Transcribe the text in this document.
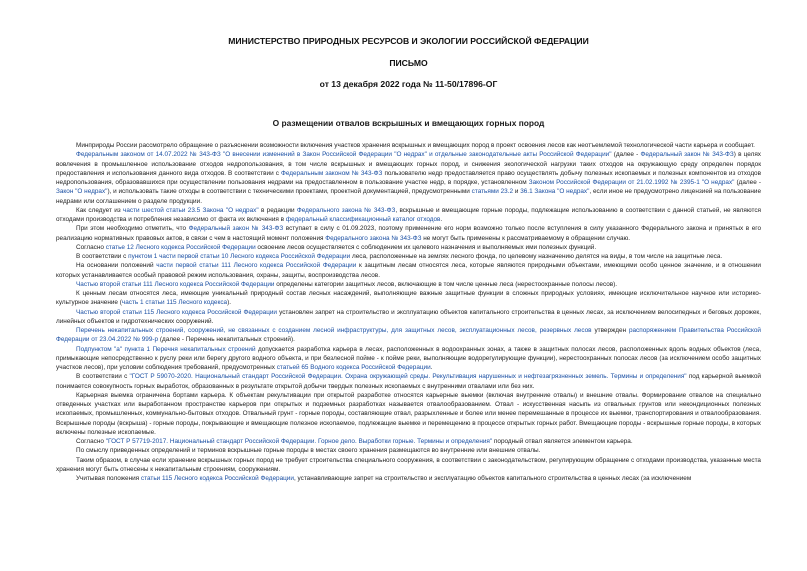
МИНИСТЕРСТВО ПРИРОДНЫХ РЕСУРСОВ И ЭКОЛОГИИ РОССИЙСКОЙ ФЕДЕРАЦИИ
ПИСЬМО
от 13 декабря 2022 года № 11-50/17896-ОГ
О размещении отвалов вскрышных и вмещающих горных пород

Минприроды России рассмотрело обращение о разъяснении возможности включения участков хранения вскрышных и вмещающих пород в проект освоения лесов как неотъемлемой технологической части карьера и сообщает.

Федеральным законом от 14.07.2022 № 343-ФЗ "О внесении изменений в Закон Российской Федерации "О недрах" и отдельные законодательные акты Российской Федерации" (далее - Федеральный закон № 343-ФЗ) в целях вовлечения в промышленное использование отходов недропользования, в том числе вскрышных и вмещающих горных пород, и снижения экологической нагрузки таких отходов на окружающую среду определен порядок предоставления и использования данного вида отходов. В соответствии с Федеральным законом № 343-ФЗ пользователю недр предоставляется право осуществлять добычу полезных ископаемых и полезных компонентов из отходов недропользования, образовавшихся при осуществлении пользования недрами на предоставленном в пользование участке недр, в порядке, установленном Законом Российской Федерации от 21.02.1992 № 2395-1 "О недрах" (далее - Закон "О недрах"), и использовать такие отходы в соответствии с техническими проектами, проектной документацией, предусмотренными статьями 23.2 и 36.1 Закона "О недрах", если иное не предусмотрено лицензией на пользование недрами или соглашением о разделе продукции.

Как следует из части шестой статьи 23.5 Закона "О недрах" в редакции Федерального закона № 343-ФЗ, вскрышные и вмещающие горные породы, подлежащие использованию в соответствии с данной статьей, не являются отходами производства и потребления независимо от факта их включения в федеральный классификационный каталог отходов.

При этом необходимо отметить, что Федеральный закон № 343-ФЗ вступает в силу с 01.09.2023, поэтому применение его норм возможно только после вступления в силу указанного Федерального закона и принятых в его реализацию нормативных правовых актов, в связи с чем в настоящий момент положения Федерального закона № 343-ФЗ не могут быть применены к рассматриваемому в обращении случаю.

Согласно статье 12 Лесного кодекса Российской Федерации освоение лесов осуществляется с соблюдением их целевого назначения и выполняемых ими полезных функций.

В соответствии с пунктом 1 части первой статьи 10 Лесного кодекса Российской Федерации леса, расположенные на землях лесного фонда, по целевому назначению делятся на виды, в том числе на защитные леса.

На основании положений части первой статьи 111 Лесного кодекса Российской Федерации к защитным лесам относятся леса, которые являются природными объектами, имеющими особо ценное значение, и в отношении которых устанавливается особый правовой режим использования, охраны, защиты, воспроизводства лесов.

Частью второй статьи 111 Лесного кодекса Российской Федерации определены категории защитных лесов, включающие в том числе ценные леса (нерестоохранные полосы лесов).

К ценным лесам относятся леса, имеющие уникальный природный состав лесных насаждений, выполняющие важные защитные функции в сложных природных условиях, имеющие исключительное научное или историко-культурное значение (часть 1 статьи 115 Лесного кодекса).

Частью второй статьи 115 Лесного кодекса Российской Федерации установлен запрет на строительство и эксплуатацию объектов капитального строительства в ценных лесах, за исключением велосипедных и беговых дорожек, линейных объектов и гидротехнических сооружений.

Перечень некапитальных строений, сооружений, не связанных с созданием лесной инфраструктуры, для защитных лесов, эксплуатационных лесов, резервных лесов утвержден распоряжением Правительства Российской Федерации от 23.04.2022 № 999-р (далее - Перечень некапитальных строений).

Подпунктом "а" пункта 1 Перечня некапитальных строений допускается разработка карьера в лесах, расположенных в водоохранных зонах, а также в защитных полосах лесов, расположенных вдоль водных объектов (леса, примыкающие непосредственно к руслу реки или берегу другого водного объекта, и при безлесной пойме - к пойме реки, выполняющие водорегулирующие функции), нерестоохранных полосах лесов (за исключением особо защитных участков лесов), при условии соблюдения требований, предусмотренных статьей 65 Водного кодекса Российской Федерации.

В соответствии с "ГОСТ Р 59070-2020. Национальный стандарт Российской Федерации. Охрана окружающей среды. Рекультивация нарушенных и нефтезагрязненных земель. Термины и определения" под карьерной выемкой понимается совокупность горных выработок, образованных в результате открытой добычи твердых полезных ископаемых с внутренними отвалами или без них.

Карьерная выемка ограничена бортами карьера. К объектам рекультивации при открытой разработке относятся карьерные выемки (включая внутренние отвалы) и внешние отвалы. Формирование отвалов на специально отведенных участках или выработанном пространстве карьеров при открытых и подземных разработках называется отвалообразованием. Отвал - искусственная насыпь из отвальных грунтов или некондиционных полезных ископаемых, промышленных, коммунально-бытовых отходов. Отвальный грунт - горные породы, составляющие отвал, разрыхленные и более или менее перемешанные в процессе их выемки, транспортирования и отвалообразования. Вскрышные породы (вскрыша) - горные породы, покрывающие и вмещающие полезное ископаемое, подлежащие выемке и перемещению в процессе открытых горных работ. Вмещающие породы - вскрышные горные породы, в которых включены полезные ископаемые.

Согласно "ГОСТ Р 57719-2017. Национальный стандарт Российской Федерации. Горное дело. Выработки горные. Термины и определения" породный отвал является элементом карьера.

По смыслу приведенных определений и терминов вскрышные горные породы в местах своего хранения размещаются во внутренние или внешние отвалы.

Таким образом, в случае если хранение вскрышных горных пород не требует строительства специального сооружения, в соответствии с законодательством, регулирующим обращение с отходами производства, указанные места хранения могут быть отнесены к некапитальным строениям, сооружениям.

Учитывая положения статьи 115 Лесного кодекса Российской Федерации, устанавливающие запрет на строительство и эксплуатацию объектов капитального строительства в ценных лесах (за исключением
